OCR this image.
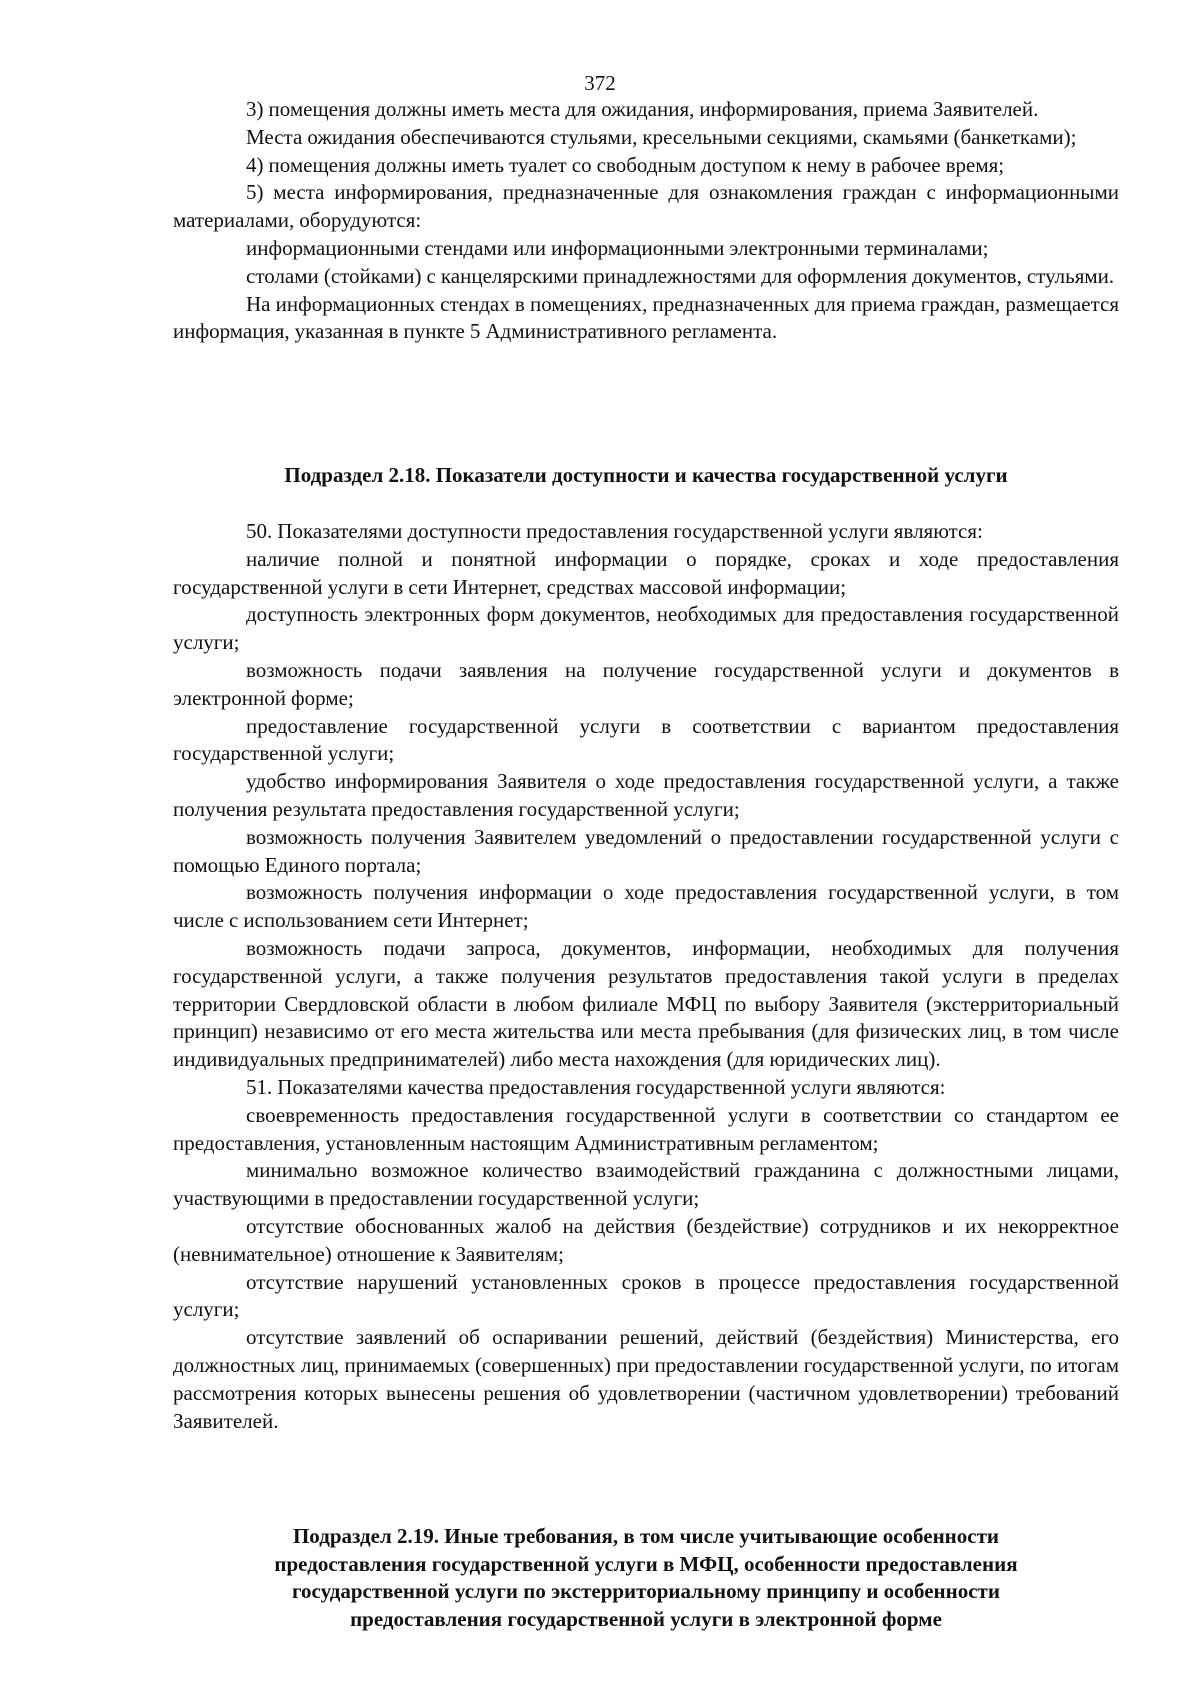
372

3) помещения должны иметь места для ожидания, информирования, приема Заявителей.

Места ожидания обеспечиваются стульями, кресельными секциями, скамьями (банкетками);

4) помещения должны иметь туалет со свободным доступом к нему в рабочее время;

5) места информирования, предназначенные для ознакомления граждан с информационными материалами, оборудуются:

информационными стендами или информационными электронными терминалами;

столами (стойками) с канцелярскими принадлежностями для оформления документов, стульями.

На информационных стендах в помещениях, предназначенных для приема граждан, размещается информация, указанная в пункте 5 Административного регламента.

Подраздел 2.18. Показатели доступности и качества государственной услуги

50. Показателями доступности предоставления государственной услуги являются:

наличие полной и понятной информации о порядке, сроках и ходе предоставления государственной услуги в сети Интернет, средствах массовой информации;

доступность электронных форм документов, необходимых для предоставления государственной услуги;

возможность подачи заявления на получение государственной услуги и документов в электронной форме;

предоставление государственной услуги в соответствии с вариантом предоставления государственной услуги;

удобство информирования Заявителя о ходе предоставления государственной услуги, а также получения результата предоставления государственной услуги;

возможность получения Заявителем уведомлений о предоставлении государственной услуги с помощью Единого портала;

возможность получения информации о ходе предоставления государственной услуги, в том числе с использованием сети Интернет;

возможность подачи запроса, документов, информации, необходимых для получения государственной услуги, а также получения результатов предоставления такой услуги в пределах территории Свердловской области в любом филиале МФЦ по выбору Заявителя (экстерриториальный принцип) независимо от его места жительства или места пребывания (для физических лиц, в том числе индивидуальных предпринимателей) либо места нахождения (для юридических лиц).

51. Показателями качества предоставления государственной услуги являются:

своевременность предоставления государственной услуги в соответствии со стандартом ее предоставления, установленным настоящим Административным регламентом;

минимально возможное количество взаимодействий гражданина с должностными лицами, участвующими в предоставлении государственной услуги;

отсутствие обоснованных жалоб на действия (бездействие) сотрудников и их некорректное (невнимательное) отношение к Заявителям;

отсутствие нарушений установленных сроков в процессе предоставления государственной услуги;

отсутствие заявлений об оспаривании решений, действий (бездействия) Министерства, его должностных лиц, принимаемых (совершенных) при предоставлении государственной услуги, по итогам рассмотрения которых вынесены решения об удовлетворении (частичном удовлетворении) требований Заявителей.

Подраздел 2.19. Иные требования, в том числе учитывающие особенности

предоставления государственной услуги в МФЦ, особенности предоставления

государственной услуги по экстерриториальному принципу и особенности

предоставления государственной услуги в электронной форме
